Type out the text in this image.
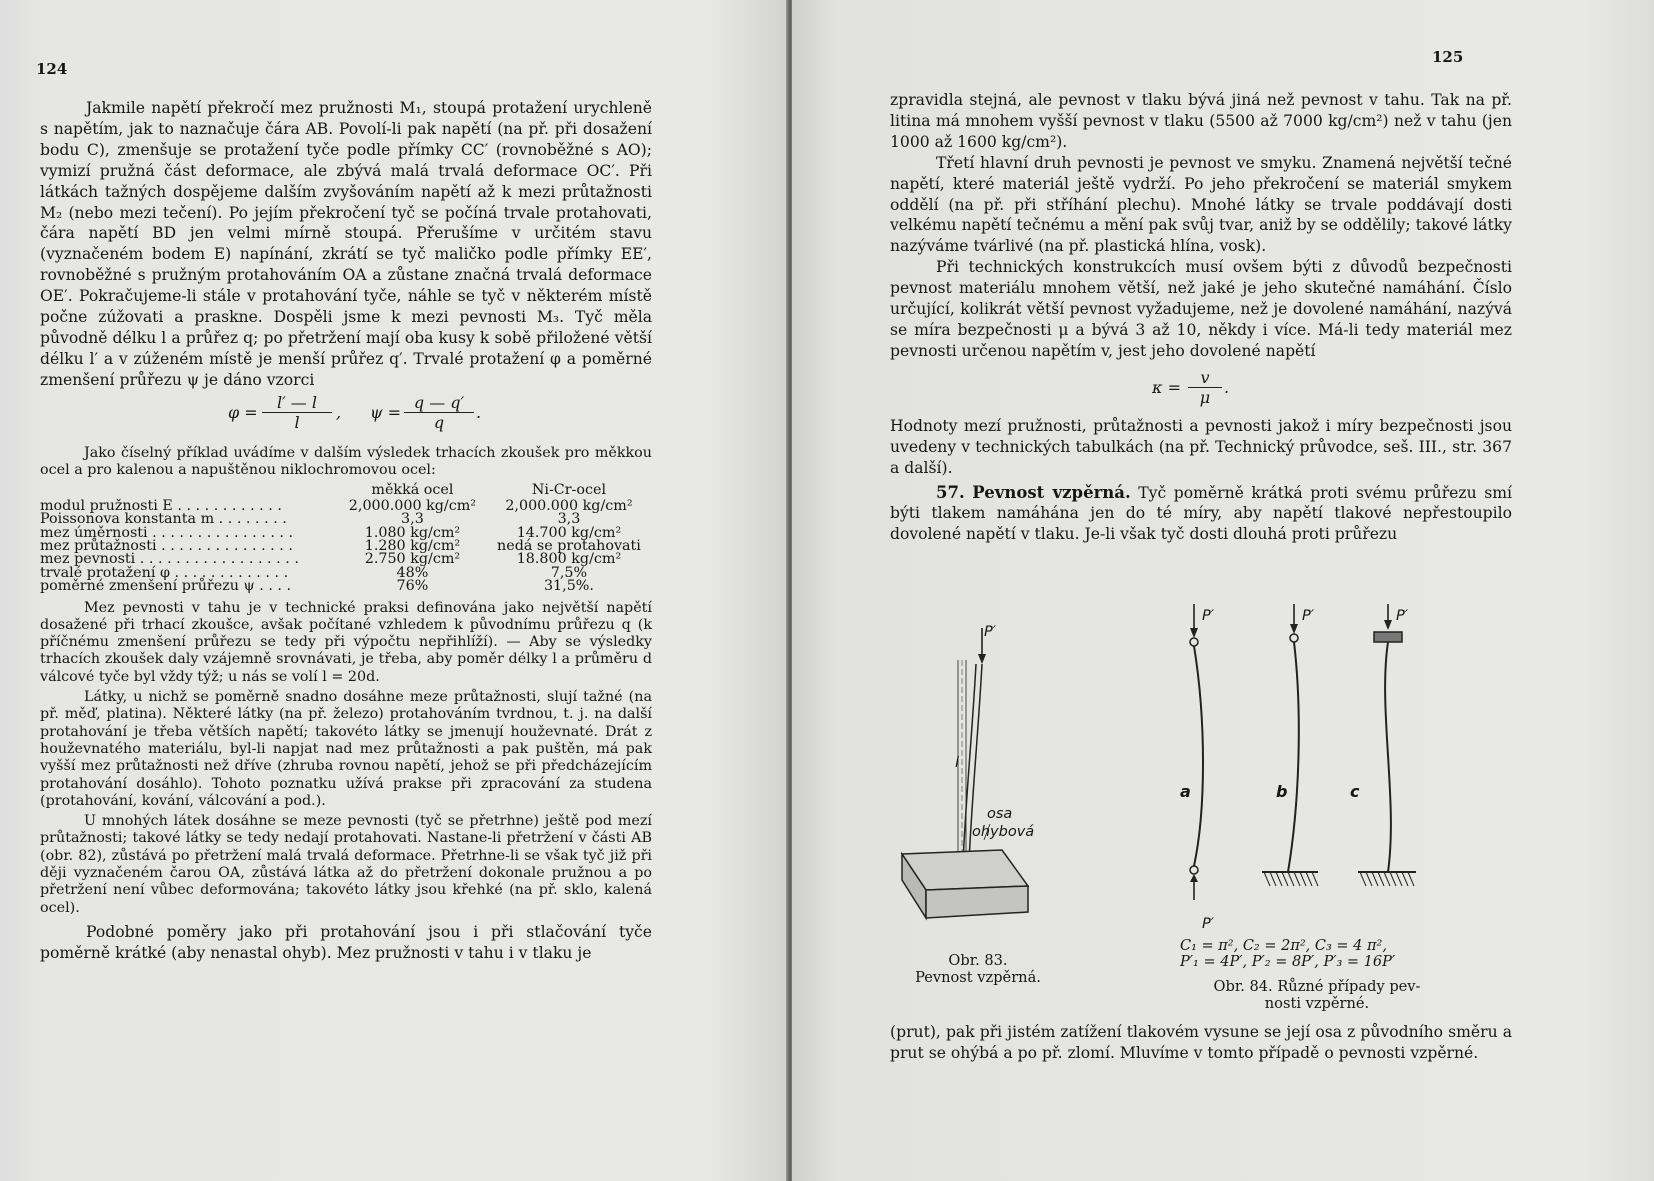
124

Jakmile napětí překročí mez pružnosti M₁, stoupá protažení urychleně s napětím, jak to naznačuje čára AB. Povolí-li pak napětí (na př. při dosažení bodu C), zmenšuje se protažení tyče podle přímky CC′ (rovnoběžné s AO); vymizí pružná část deformace, ale zbývá malá trvalá deformace OC′. Při látkách tažných dospějeme dalším zvyšováním napětí až k mezi průtažnosti M₂ (nebo mezi tečení). Po jejím překročení tyč se počíná trvale protahovati, čára napětí BD jen velmi mírně stoupá. Přerušíme v určitém stavu (vyznačeném bodem E) napínání, zkrátí se tyč maličko podle přímky EE′, rovnoběžné s pružným protahováním OA a zůstane značná trvalá deformace OE′. Pokračujeme-li stále v protahování tyče, náhle se tyč v některém místě počne zúžovati a praskne. Dospěli jsme k mezi pevnosti M₃. Tyč měla původně délku l a průřez q; po přetržení mají oba kusy k sobě přiložené větší délku l′ a v zúženém místě je menší průřez q′. Trvalé protažení φ a poměrné zmenšení průřezu ψ je dáno vzorci

$\varphi = \frac{l' — l}{l}$ , $\psi = \frac{q — q'}{q}$ .

Jako číselný příklad uvádíme v dalším výsledek trhacích zkoušek pro měkkou ocel a pro kalenou a napuštěnou niklochromovou ocel:

	měkká ocel	Ni-Cr-ocel
modul pružnosti E . . . . . . . . . . . .	2,000.000 kg/cm²	2,000.000 kg/cm²
Poissonova konstanta m . . . . . . . .	3,3	3,3
mez úměrnosti . . . . . . . . . . . . . . . .	1.080 kg/cm²	14.700 kg/cm²
mez průtažnosti . . . . . . . . . . . . . . .	1.280 kg/cm²	nedá se protahovati
mez pevnosti . . . . . . . . . . . . . . . . . .	2.750 kg/cm²	18.800 kg/cm²
trvalé protažení φ . . . . . . . . . . . . .	48%	7,5%
poměrné zmenšení průřezu ψ . . . .	76%	31,5%.

Mez pevnosti v tahu je v technické praksi definována jako největší napětí dosažené při trhací zkoušce, avšak počítané vzhledem k původnímu průřezu q (k příčnému zmenšení průřezu se tedy při výpočtu nepřihlíží). — Aby se výsledky trhacích zkoušek daly vzájemně srovnávati, je třeba, aby poměr délky l a průměru d válcové tyče byl vždy týž; u nás se volí l = 20d.

Látky, u nichž se poměrně snadno dosáhne meze průtažnosti, slují tažné (na př. měď, platina). Některé látky (na př. železo) protahováním tvrdnou, t. j. na další protahování je třeba větších napětí; takovéto látky se jmenují houževnaté. Drát z houževnatého materiálu, byl-li napjat nad mez průtažnosti a pak puštěn, má pak vyšší mez průtažnosti než dříve (zhruba rovnou napětí, jehož se při předcházejícím protahování dosáhlo). Tohoto poznatku užívá prakse při zpracování za studena (protahování, kování, válcování a pod.).

U mnohých látek dosáhne se meze pevnosti (tyč se přetrhne) ještě pod mezí průtažnosti; takové látky se tedy nedají protahovati. Nastane-li přetržení v části AB (obr. 82), zůstává po přetržení malá trvalá deformace. Přetrhne-li se však tyč již při ději vyznačeném čarou OA, zůstává látka až do přetržení dokonale pružnou a po přetržení není vůbec deformována; takovéto látky jsou křehké (na př. sklo, kalená ocel).

Podobné poměry jako při protahování jsou i při stlačování tyče poměrně krátké (aby nenastal ohyb). Mez pružnosti v tahu i v tlaku je

125

zpravidla stejná, ale pevnost v tlaku bývá jiná než pevnost v tahu. Tak na př. litina má mnohem vyšší pevnost v tlaku (5500 až 7000 kg/cm²) než v tahu (jen 1000 až 1600 kg/cm²).

Třetí hlavní druh pevnosti je pevnost ve smyku. Znamená největší tečné napětí, které materiál ještě vydrží. Po jeho překročení se materiál smykem oddělí (na př. při stříhání plechu). Mnohé látky se trvale poddávají dosti velkému napětí tečnému a mění pak svůj tvar, aniž by se oddělily; takové látky nazýváme tvárlivé (na př. plastická hlína, vosk).

Při technických konstrukcích musí ovšem býti z důvodů bezpečnosti pevnost materiálu mnohem větší, než jaké je jeho skutečné namáhání. Číslo určující, kolikrát větší pevnost vyžadujeme, než je dovolené namáhání, nazývá se míra bezpečnosti μ a bývá 3 až 10, někdy i více. Má-li tedy materiál mez pevnosti určenou napětím v, jest jeho dovolené napětí

$\kappa = \frac{v}{\mu}$ .

Hodnoty mezí pružnosti, průtažnosti a pevnosti jakož i míry bezpečnosti jsou uvedeny v technických tabulkách (na př. Technický průvodce, seš. III., str. 367 a další).

57. Pevnost vzpěrná. Tyč poměrně krátká proti svému průřezu smí býti tlakem namáhána jen do té míry, aby napětí tlakové nepřestoupilo dovolené napětí v tlaku. Je-li však tyč dosti dlouhá proti průřezu

P′
l
osa
ohybová
Obr. 83.
Pevnost vzpěrná.
P′	P′	P′
a	b	c
P′
C₁ = π², C₂ = 2π², C₃ = 4 π²,
P′₁ = 4P′, P′₂ = 8P′, P′₃ = 16P′
Obr. 84. Různé případy pev-
nosti vzpěrné.

(prut), pak při jistém zatížení tlakovém vysune se její osa z původního směru a prut se ohýbá a po př. zlomí. Mluvíme v tomto případě o pevnosti vzpěrné.
